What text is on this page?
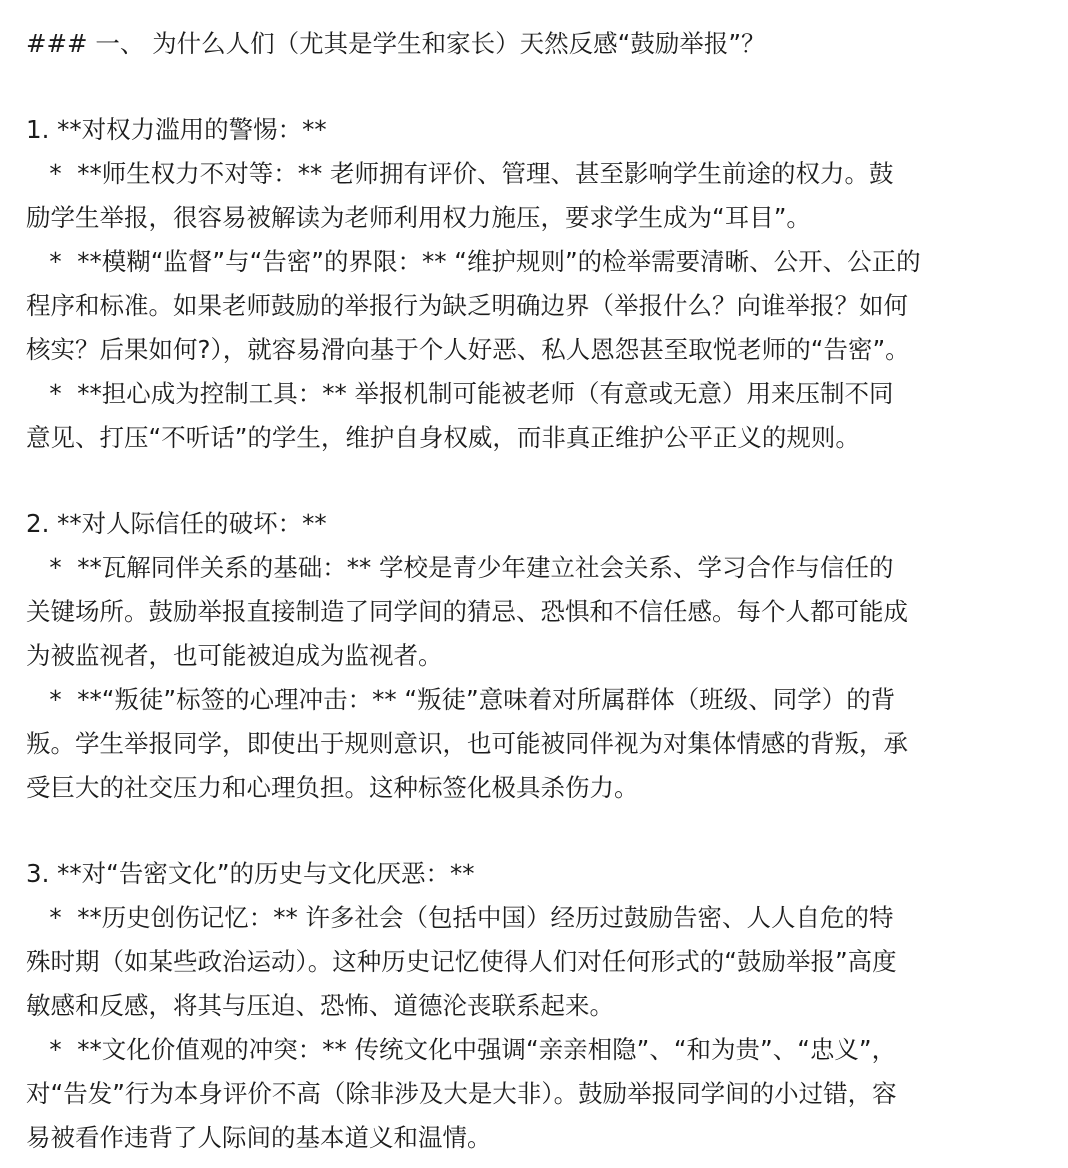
### 一、 为什么人们（尤其是学生和家长）天然反感“鼓励举报”？
1. **对权力滥用的警惕：**
*  **师生权力不对等：** 老师拥有评价、管理、甚至影响学生前途的权力。鼓
励学生举报，很容易被解读为老师利用权力施压，要求学生成为“耳目”。
*  **模糊“监督”与“告密”的界限：** “维护规则”的检举需要清晰、公开、公正的
程序和标准。如果老师鼓励的举报行为缺乏明确边界（举报什么？向谁举报？如何
核实？后果如何?），就容易滑向基于个人好恶、私人恩怨甚至取悦老师的“告密”。
*  **担心成为控制工具：** 举报机制可能被老师（有意或无意）用来压制不同
意见、打压“不听话”的学生，维护自身权威，而非真正维护公平正义的规则。
2. **对人际信任的破坏：**
*  **瓦解同伴关系的基础：** 学校是青少年建立社会关系、学习合作与信任的
关键场所。鼓励举报直接制造了同学间的猜忌、恐惧和不信任感。每个人都可能成
为被监视者，也可能被迫成为监视者。
*  **“叛徒”标签的心理冲击：** “叛徒”意味着对所属群体（班级、同学）的背
叛。学生举报同学，即使出于规则意识，也可能被同伴视为对集体情感的背叛，承
受巨大的社交压力和心理负担。这种标签化极具杀伤力。
3. **对“告密文化”的历史与文化厌恶：**
*  **历史创伤记忆：** 许多社会（包括中国）经历过鼓励告密、人人自危的特
殊时期（如某些政治运动）。这种历史记忆使得人们对任何形式的“鼓励举报”高度
敏感和反感，将其与压迫、恐怖、道德沦丧联系起来。
*  **文化价值观的冲突：** 传统文化中强调“亲亲相隐”、“和为贵”、“忠义”，
对“告发”行为本身评价不高（除非涉及大是大非）。鼓励举报同学间的小过错，容
易被看作违背了人际间的基本道义和温情。
